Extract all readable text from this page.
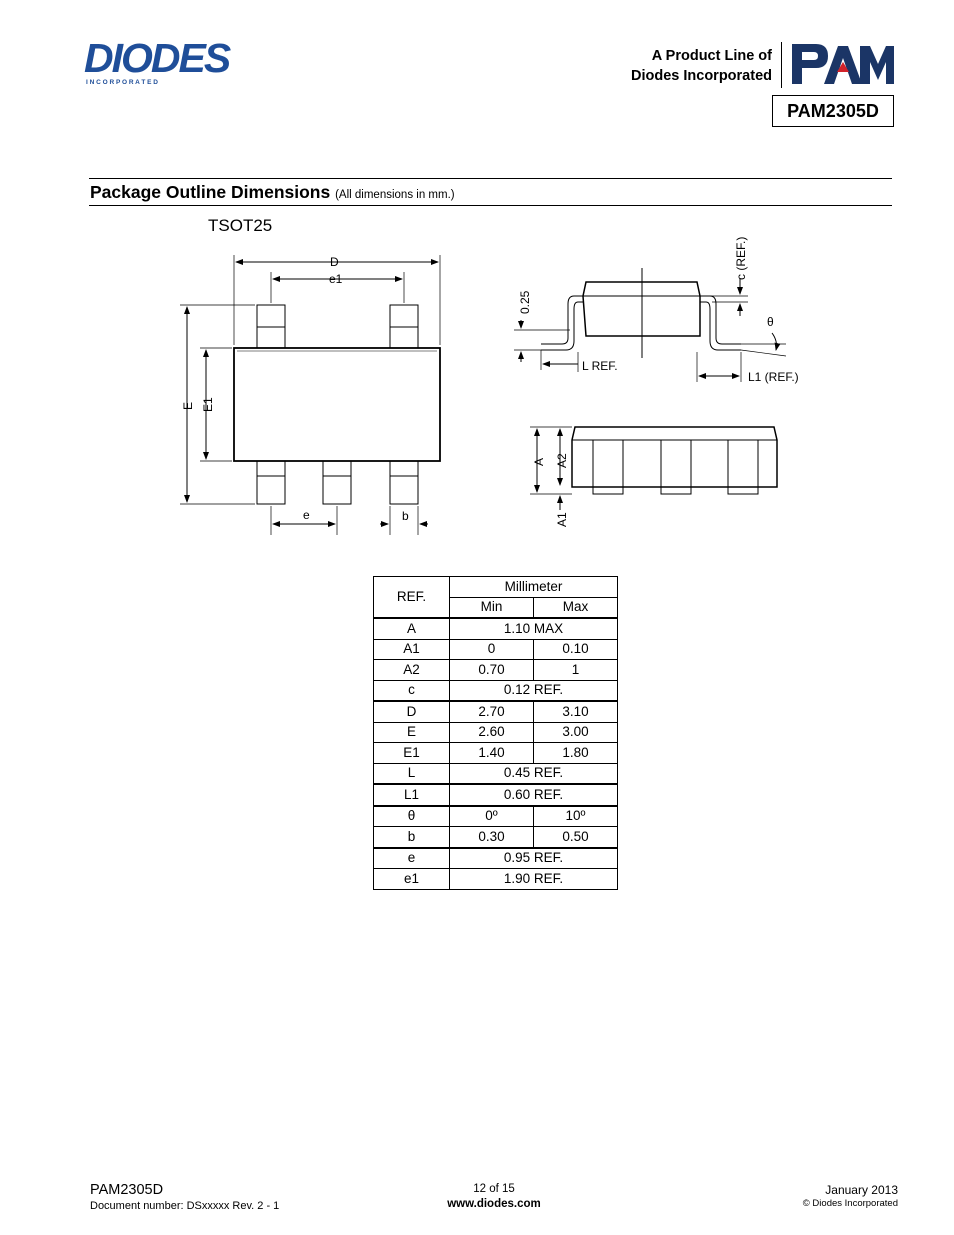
DIODES
I N C O R P O R A T E D
A Product Line of
Diodes Incorporated
PAM2305D
Package Outline Dimensions (All dimensions in mm.)
TSOT25
D
e1
E E1
e	b
0.25
c (REF.)
θ
L REF.
L1 (REF.)
A A2
A1
REF.	Millimeter	
	Min	Max
A	1.10 MAX	
A1	0	0.10
A2	0.70	1
c	0.12 REF.	
D	2.70	3.10
E	2.60	3.00
E1	1.40	1.80
L	0.45 REF.	
L1	0.60 REF.	
θ	0º	10º
b	0.30	0.50
e	0.95 REF.	
e1	1.90 REF.	
PAM2305D
Document number: DSxxxxx Rev. 2 - 1
12 of 15
www.diodes.com
January 2013
© Diodes Incorporated
